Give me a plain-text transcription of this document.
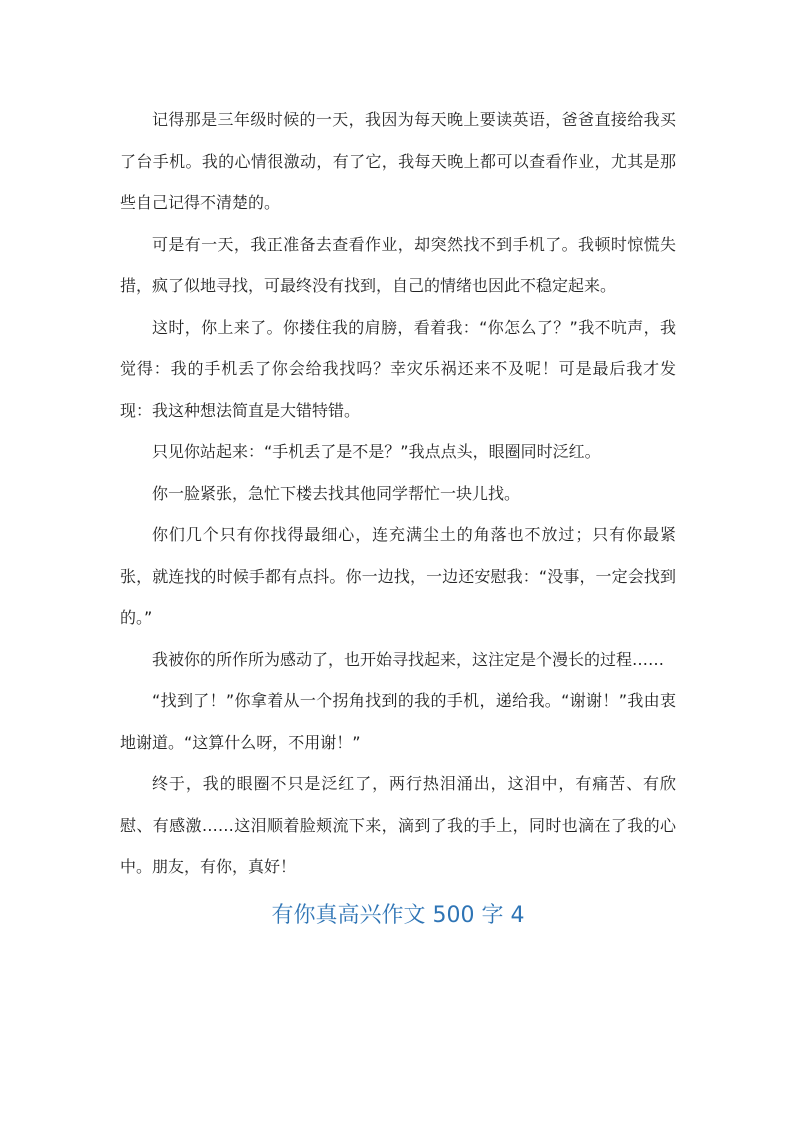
记得那是三年级时候的一天，我因为每天晚上要读英语，爸爸直接给我买了台手机。我的心情很激动，有了它，我每天晚上都可以查看作业，尤其是那些自己记得不清楚的。

可是有一天，我正准备去查看作业，却突然找不到手机了。我顿时惊慌失措，疯了似地寻找，可最终没有找到，自己的情绪也因此不稳定起来。

这时，你上来了。你搂住我的肩膀，看着我：“你怎么了？”我不吭声，我觉得：我的手机丢了你会给我找吗？幸灾乐祸还来不及呢！可是最后我才发现：我这种想法简直是大错特错。

只见你站起来：“手机丢了是不是？”我点点头，眼圈同时泛红。

你一脸紧张，急忙下楼去找其他同学帮忙一块儿找。

你们几个只有你找得最细心，连充满尘土的角落也不放过；只有你最紧张，就连找的时候手都有点抖。你一边找，一边还安慰我：“没事，一定会找到的。”

我被你的所作所为感动了，也开始寻找起来，这注定是个漫长的过程……

“找到了！”你拿着从一个拐角找到的我的手机，递给我。“谢谢！”我由衷地谢道。“这算什么呀，不用谢！”

终于，我的眼圈不只是泛红了，两行热泪涌出，这泪中，有痛苦、有欣慰、有感激……这泪顺着脸颊流下来，滴到了我的手上，同时也滴在了我的心中。朋友，有你，真好！

有你真高兴作文 500 字 4
